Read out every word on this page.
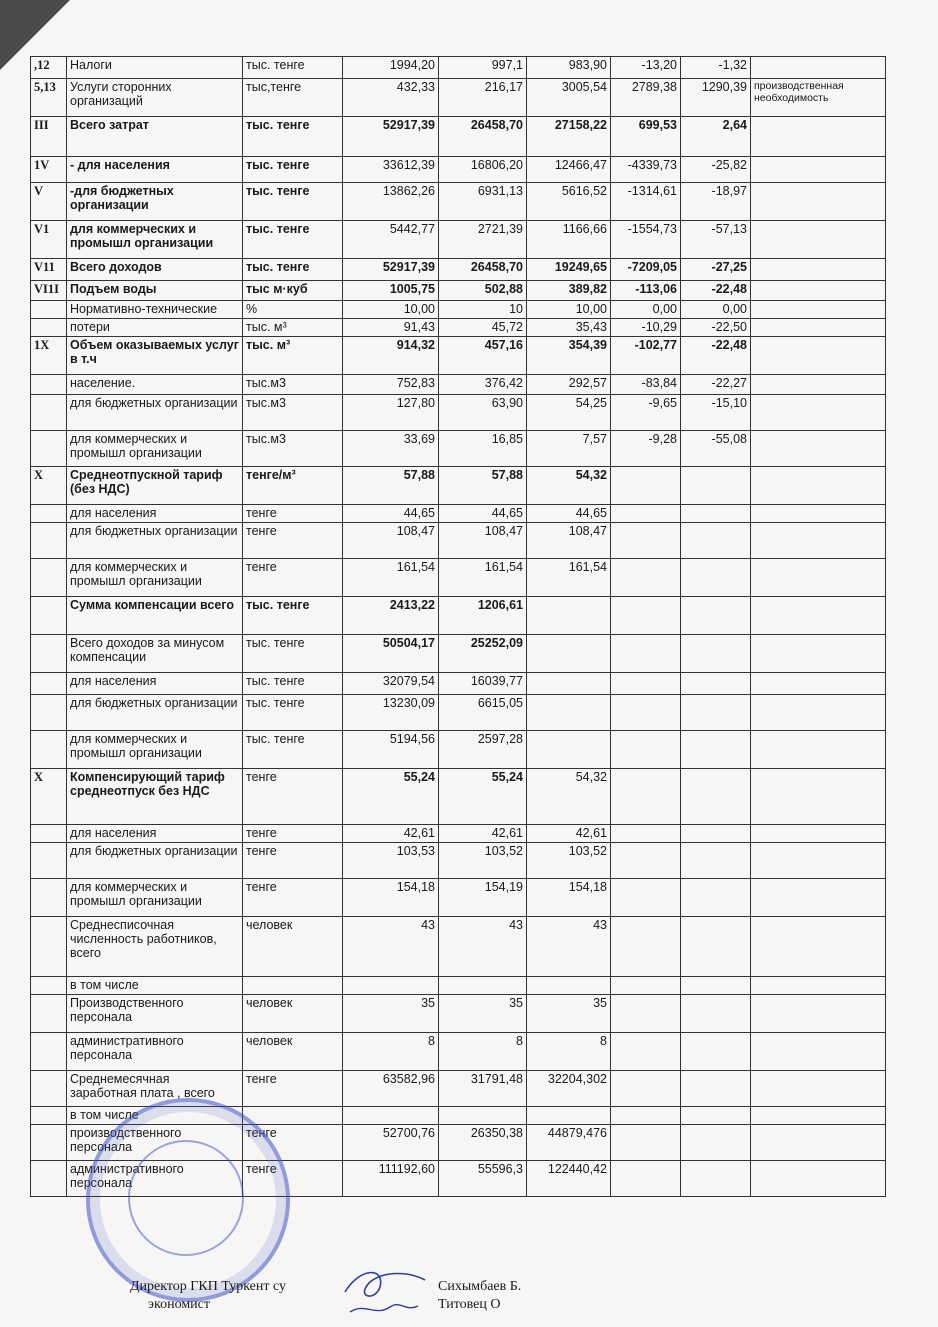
,12	Налоги	тыс. тенге	1994,20	997,1	983,90	-13,20	-1,32	
5,13	Услуги сторонних организаций	тыс,тенге	432,33	216,17	3005,54	2789,38	1290,39	производственная необходимость
III	Всего затрат	тыс. тенге	52917,39	26458,70	27158,22	699,53	2,64	
1V	- для населения	тыс. тенге	33612,39	16806,20	12466,47	-4339,73	-25,82	
V	-для бюджетных организации	тыс. тенге	13862,26	6931,13	5616,52	-1314,61	-18,97	
V1	для коммерческих и промышл организации	тыс. тенге	5442,77	2721,39	1166,66	-1554,73	-57,13	
V11	Всего доходов	тыс. тенге	52917,39	26458,70	19249,65	-7209,05	-27,25	
VI1I	Подъем воды	тыс м·куб	1005,75	502,88	389,82	-113,06	-22,48	
	Нормативно-технические	%	10,00	10	10,00	0,00	0,00	
	потери	тыс. м³	91,43	45,72	35,43	-10,29	-22,50	
1X	Объем оказываемых услуг в т.ч	тыс. м³	914,32	457,16	354,39	-102,77	-22,48	
	население.	тыс.м3	752,83	376,42	292,57	-83,84	-22,27	
	для бюджетных организации	тыс.м3	127,80	63,90	54,25	-9,65	-15,10	
	для коммерческих и промышл организации	тыс.м3	33,69	16,85	7,57	-9,28	-55,08	
X	Среднеотпускной тариф (без НДС)	тенге/м³	57,88	57,88	54,32			
	для населения	тенге	44,65	44,65	44,65			
	для бюджетных организации	тенге	108,47	108,47	108,47			
	для коммерческих и промышл организации	тенге	161,54	161,54	161,54			
	Сумма компенсации всего	тыс. тенге	2413,22	1206,61				
	Всего доходов за минусом компенсации	тыс. тенге	50504,17	25252,09				
	для населения	тыс. тенге	32079,54	16039,77				
	для бюджетных организации	тыс. тенге	13230,09	6615,05				
	для коммерческих и промышл организации	тыс. тенге	5194,56	2597,28				
X	Компенсирующий тариф среднеотпуск без НДС	тенге	55,24	55,24	54,32			
	для населения	тенге	42,61	42,61	42,61			
	для бюджетных организации	тенге	103,53	103,52	103,52			
	для коммерческих и промышл организации	тенге	154,18	154,19	154,18			
	Среднесписочная численность работников, всего	человек	43	43	43			
	в том числе							
	Производственного персонала	человек	35	35	35			
	административного персонала	человек	8	8	8			
	Среднемесячная заработная плата , всего	тенге	63582,96	31791,48	32204,302			
	в том числе							
	производственного персонала	тенге	52700,76	26350,38	44879,476			
	административного персонала	тенге	111192,60	55596,3	122440,42			
Директор ГКП Туркент су	Сихымбаев Б.
экономист	Титовец О
